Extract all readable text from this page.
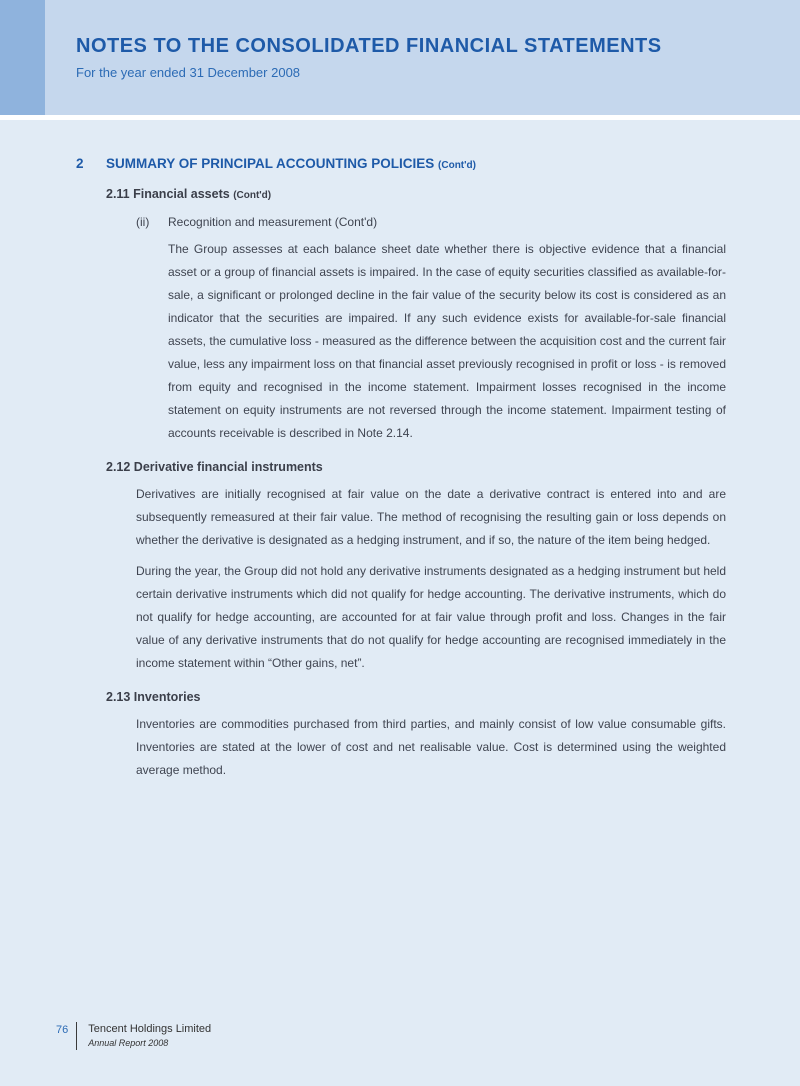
NOTES TO THE CONSOLIDATED FINANCIAL STATEMENTS

For the year ended 31 December 2008

2	SUMMARY OF PRINCIPAL ACCOUNTING POLICIES (Cont'd)
2.11 Financial assets (Cont'd)
(ii)	Recognition and measurement (Cont'd)

The Group assesses at each balance sheet date whether there is objective evidence that a financial asset or a group of financial assets is impaired. In the case of equity securities classified as available-for-sale, a significant or prolonged decline in the fair value of the security below its cost is considered as an indicator that the securities are impaired. If any such evidence exists for available-for-sale financial assets, the cumulative loss - measured as the difference between the acquisition cost and the current fair value, less any impairment loss on that financial asset previously recognised in profit or loss - is removed from equity and recognised in the income statement. Impairment losses recognised in the income statement on equity instruments are not reversed through the income statement. Impairment testing of accounts receivable is described in Note 2.14.

2.12 Derivative financial instruments

Derivatives are initially recognised at fair value on the date a derivative contract is entered into and are subsequently remeasured at their fair value. The method of recognising the resulting gain or loss depends on whether the derivative is designated as a hedging instrument, and if so, the nature of the item being hedged.

During the year, the Group did not hold any derivative instruments designated as a hedging instrument but held certain derivative instruments which did not qualify for hedge accounting. The derivative instruments, which do not qualify for hedge accounting, are accounted for at fair value through profit and loss. Changes in the fair value of any derivative instruments that do not qualify for hedge accounting are recognised immediately in the income statement within “Other gains, net”.

2.13 Inventories

Inventories are commodities purchased from third parties, and mainly consist of low value consumable gifts. Inventories are stated at the lower of cost and net realisable value. Cost is determined using the weighted average method.

76 Tencent Holdings Limited
Annual Report 2008
